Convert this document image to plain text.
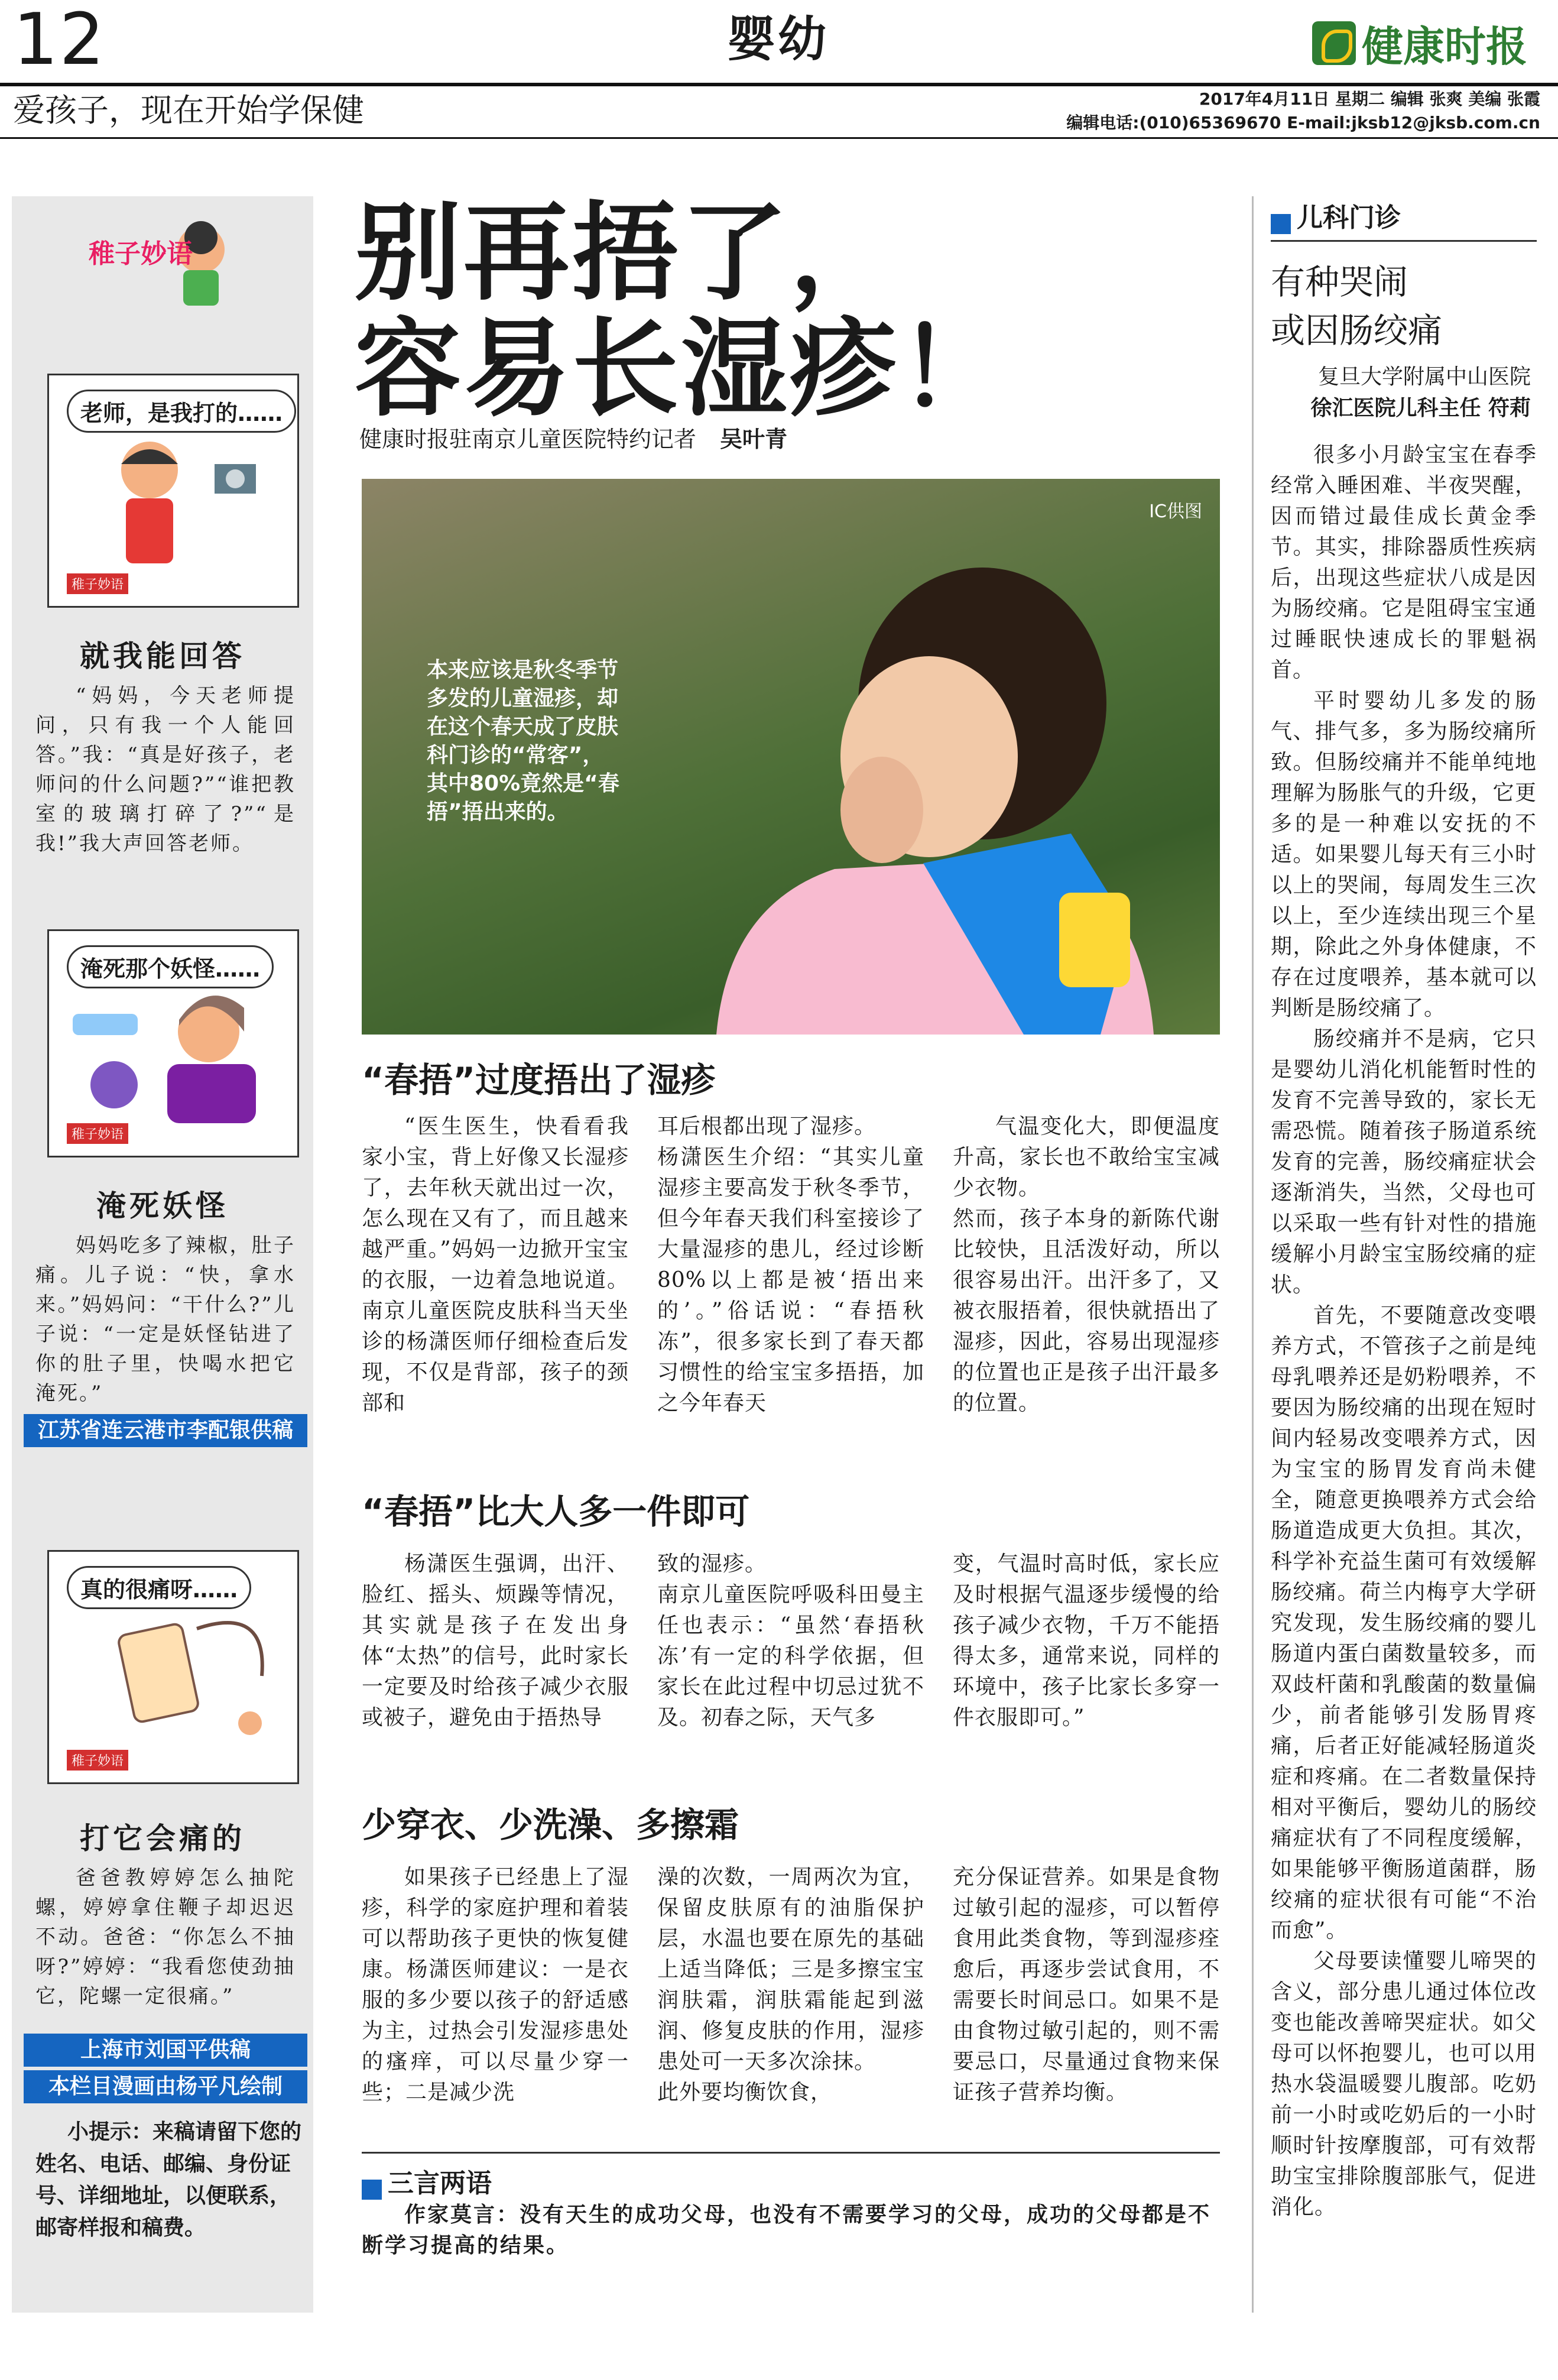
12	婴幼	健康时报
爱孩子，现在开始学保健	2017年4月11日 星期二 编辑 张爽 美编 张霞
编辑电话:(010)65369670 E-mail:jksb12@jksb.com.cn
稚子妙语
老师，是我打的……
稚子妙语
就我能回答
“妈妈，今天老师提问，只有我一个人能回答。”我：“真是好孩子，老师问的什么问题?”“谁把教室的玻璃打碎了?”“是我!”我大声回答老师。
淹死那个妖怪……
稚子妙语
淹死妖怪
妈妈吃多了辣椒，肚子痛。儿子说：“快，拿水来。”妈妈问：“干什么?”儿子说：“一定是妖怪钻进了你的肚子里，快喝水把它淹死。”
江苏省连云港市李配银供稿
真的很痛呀……
稚子妙语
打它会痛的
爸爸教婷婷怎么抽陀螺，婷婷拿住鞭子却迟迟不动。爸爸：“你怎么不抽呀?”婷婷：“我看您使劲抽它，陀螺一定很痛。”
上海市刘国平供稿
本栏目漫画由杨平凡绘制
小提示：来稿请留下您的姓名、电话、邮编、身份证号、详细地址，以便联系，邮寄样报和稿费。
别再捂了，
容易长湿疹！
健康时报驻南京儿童医院特约记者 吴叶青
IC供图
本来应该是秋冬季节多发的儿童湿疹，却在这个春天成了皮肤科门诊的“常客”，其中80%竟然是“春捂”捂出来的。
“春捂”过度捂出了湿疹

“医生医生，快看看我家小宝，背上好像又长湿疹了，去年秋天就出过一次，怎么现在又有了，而且越来越严重。”妈妈一边掀开宝宝的衣服，一边着急地说道。南京儿童医院皮肤科当天坐诊的杨潇医师仔细检查后发现，不仅是背部，孩子的颈部和

耳后根都出现了湿疹。
杨潇医生介绍：“其实儿童湿疹主要高发于秋冬季节，但今年春天我们科室接诊了大量湿疹的患儿，经过诊断80%以上都是被‘捂出来的’。”俗话说：“春捂秋冻”，很多家长到了春天都习惯性的给宝宝多捂捂，加之今年春天
气温变化大，即便温度升高，家长也不敢给宝宝减少衣物。
然而，孩子本身的新陈代谢比较快，且活泼好动，所以很容易出汗。出汗多了，又被衣服捂着，很快就捂出了湿疹，因此，容易出现湿疹的位置也正是孩子出汗最多的位置。
“春捂”比大人多一件即可
杨潇医生强调，出汗、脸红、摇头、烦躁等情况，其实就是孩子在发出身体“太热”的信号，此时家长一定要及时给孩子减少衣服或被子，避免由于捂热导
致的湿疹。
南京儿童医院呼吸科田曼主任也表示：“虽然‘春捂秋冻’有一定的科学依据，但家长在此过程中切忌过犹不及。初春之际，天气多
变，气温时高时低，家长应及时根据气温逐步缓慢的给孩子减少衣物，千万不能捂得太多，通常来说，同样的环境中，孩子比家长多穿一件衣服即可。”
少穿衣、少洗澡、多擦霜
如果孩子已经患上了湿疹，科学的家庭护理和着装可以帮助孩子更快的恢复健康。杨潇医师建议：一是衣服的多少要以孩子的舒适感为主，过热会引发湿疹患处的瘙痒，可以尽量少穿一些；二是减少洗
澡的次数，一周两次为宜，保留皮肤原有的油脂保护层，水温也要在原先的基础上适当降低；三是多擦宝宝润肤霜，润肤霜能起到滋润、修复皮肤的作用，湿疹患处可一天多次涂抹。
此外要均衡饮食，
充分保证营养。如果是食物过敏引起的湿疹，可以暂停食用此类食物，等到湿疹痊愈后，再逐步尝试食用，不需要长时间忌口。如果不是由食物过敏引起的，则不需要忌口，尽量通过食物来保证孩子营养均衡。
三言两语
作家莫言：没有天生的成功父母，也没有不需要学习的父母，成功的父母都是不断学习提高的结果。
儿科门诊
有种哭闹
或因肠绞痛
复旦大学附属中山医院
徐汇医院儿科主任 符莉

很多小月龄宝宝在春季经常入睡困难、半夜哭醒，因而错过最佳成长黄金季节。其实，排除器质性疾病后，出现这些症状八成是因为肠绞痛。它是阻碍宝宝通过睡眠快速成长的罪魁祸首。

平时婴幼儿多发的肠气、排气多，多为肠绞痛所致。但肠绞痛并不能单纯地理解为肠胀气的升级，它更多的是一种难以安抚的不适。如果婴儿每天有三小时以上的哭闹，每周发生三次以上，至少连续出现三个星期，除此之外身体健康，不存在过度喂养，基本就可以判断是肠绞痛了。

肠绞痛并不是病，它只是婴幼儿消化机能暂时性的发育不完善导致的，家长无需恐慌。随着孩子肠道系统发育的完善，肠绞痛症状会逐渐消失，当然，父母也可以采取一些有针对性的措施缓解小月龄宝宝肠绞痛的症状。

首先，不要随意改变喂养方式，不管孩子之前是纯母乳喂养还是奶粉喂养，不要因为肠绞痛的出现在短时间内轻易改变喂养方式，因为宝宝的肠胃发育尚未健全，随意更换喂养方式会给肠道造成更大负担。其次，科学补充益生菌可有效缓解肠绞痛。荷兰内梅亨大学研究发现，发生肠绞痛的婴儿肠道内蛋白菌数量较多，而双歧杆菌和乳酸菌的数量偏少，前者能够引发肠胃疼痛，后者正好能减轻肠道炎症和疼痛。在二者数量保持相对平衡后，婴幼儿的肠绞痛症状有了不同程度缓解，如果能够平衡肠道菌群，肠绞痛的症状很有可能“不治而愈”。

父母要读懂婴儿啼哭的含义，部分患儿通过体位改变也能改善啼哭症状。如父母可以怀抱婴儿，也可以用热水袋温暖婴儿腹部。吃奶前一小时或吃奶后的一小时顺时针按摩腹部，可有效帮助宝宝排除腹部胀气，促进消化。
